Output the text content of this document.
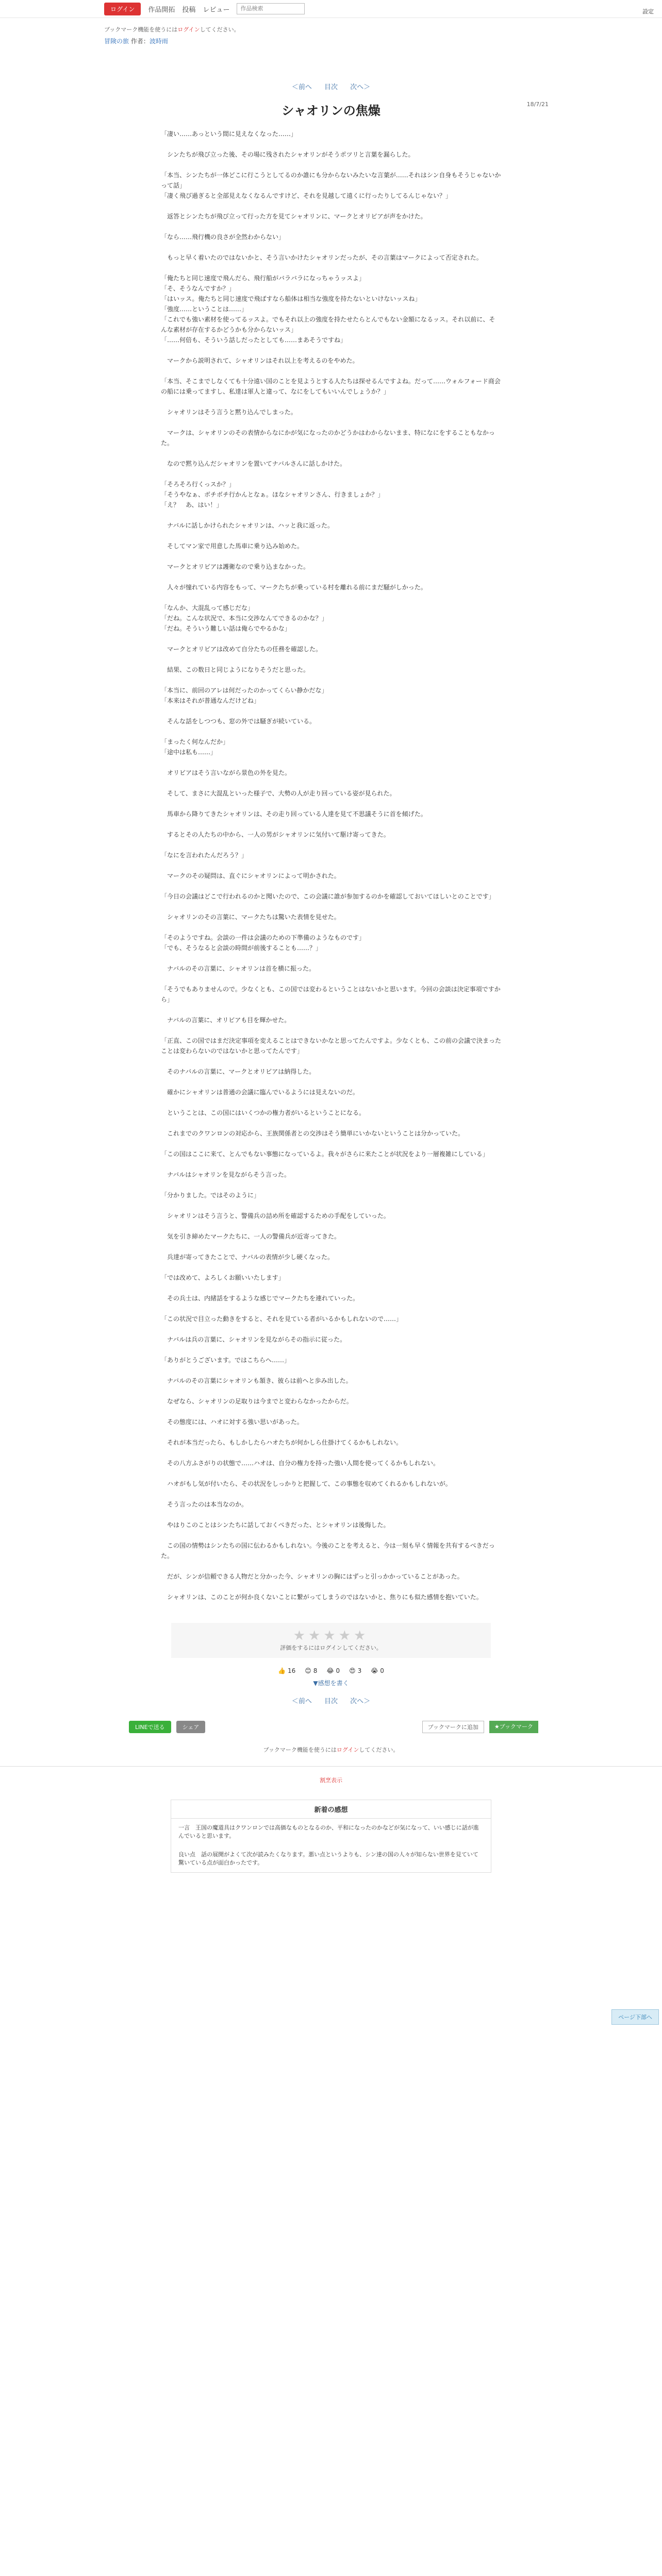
ログイン	作品開拓 投稿 レビュー
作品検索	設定
ブックマーク機能を使うにはログインしてください。
冒険の旅 作者：波時雨
＜前へ 目次 次へ＞
18/7/21
シャオリンの焦燥

「凄い……あっという間に見えなくなった……」

　シンたちが飛び立った後、その場に残されたシャオリンがそうポツリと言葉を漏らした。

「本当、シンたちが一体どこに行こうとしてるのか誰にも分からないみたいな言葉が……それはシン自身もそうじゃないかって話」
「凄く飛び過ぎると全部見えなくなるんですけど、それを見越して遠くに行ったりしてるんじゃない？」

　返答とシンたちが飛び立って行った方を見てシャオリンに、マークとオリビアが声をかけた。

「なら……飛行機の良さが全然わからない」

　もっと早く着いたのではないかと、そう言いかけたシャオリンだったが、その言葉はマークによって否定された。

「俺たちと同じ速度で飛んだら、飛行船がバラバラになっちゃうッスよ」
「そ、そうなんですか？」
「はいッス。俺たちと同じ速度で飛ばすなら船体は相当な強度を持たないといけないッスね」
「強度……ということは……」
「これでも強い素材を使ってるッスよ。でもそれ以上の強度を持たせたらとんでもない金額になるッス。それ以前に、そんな素材が存在するかどうかも分からないッス」
「……何倍も、そういう話しだったとしても……まあそうですね」

　マークから説明されて、シャオリンはそれ以上を考えるのをやめた。

「本当、そこまでしなくても十分遠い国のことを見ようとする人たちは探せるんですよね。だって……ウォルフォード商会の船には乗ってますし、私達は軍人と違って、なにをしてもいいんでしょうか？」

　シャオリンはそう言うと黙り込んでしまった。

　マークは、シャオリンのその表情からなにかが気になったのかどうかはわからないまま、特になにをすることもなかった。

　なので黙り込んだシャオリンを置いてナバルさんに話しかけた。

「そろそろ行くっスか？」
「そうやなぁ、ボチボチ行かんとなぁ。ほなシャオリンさん、行きましょか？」
「え？　あ、はい！」

　ナバルに話しかけられたシャオリンは、ハッと我に返った。

　そしてマン家で用意した馬車に乗り込み始めた。

　マークとオリビアは護衛なので乗り込まなかった。

　人々が憧れている内容をもって、マークたちが乗っている村を離れる前にまだ騒がしかった。

「なんか、大混乱って感じだな」
「だね。こんな状況で、本当に交渉なんてできるのかな？」
「だね。そういう難しい話は俺らでやるかな」

　マークとオリビアは改めて自分たちの任務を確認した。

　結果、この数日と同じようになりそうだと思った。

「本当に、前回のアレは何だったのかってくらい静かだな」
「本来はそれが普通なんだけどね」

　そんな話をしつつも、窓の外では騒ぎが続いている。

「まったく何なんだか」
「途中は私も……」

　オリビアはそう言いながら景色の外を見た。

　そして、まさに大混乱といった様子で、大勢の人が走り回っている姿が見られた。

　馬車から降りてきたシャオリンは、その走り回っている人達を見て不思議そうに首を傾げた。

　するとその人たちの中から、一人の男がシャオリンに気付いて駆け寄ってきた。

「なにを言われたんだろう？」

　マークのその疑問は、直ぐにシャオリンによって明かされた。

「今日の会議はどこで行われるのかと聞いたので、この会議に誰が参加するのかを確認しておいてほしいとのことです」

　シャオリンのその言葉に、マークたちは驚いた表情を見せた。

「そのようですね。会談の一件は会議のための下準備のようなものです」
「でも、そうなると会談の時間が前後することも……？」

　ナバルのその言葉に、シャオリンは首を横に振った。

「そうでもありませんので。少なくとも、この国では変わるということはないかと思います。今回の会談は決定事項ですから」

　ナバルの言葉に、オリビアも目を輝かせた。

「正直、この国ではまだ決定事項を変えることはできないかなと思ってたんですよ。少なくとも、この前の会議で決まったことは変わらないのではないかと思ってたんです」

　そのナバルの言葉に、マークとオリビアは納得した。

　確かにシャオリンは普通の会議に臨んでいるようには見えないのだ。

　ということは、この国にはいくつかの権力者がいるということになる。

　これまでのクワンロンの対応から、王族関係者との交渉はそう簡単にいかないということは分かっていた。

「この国はここに来て、とんでもない事態になっているよ。我々がさらに来たことが状況をより一層複雑にしている」

　ナバルはシャオリンを見ながらそう言った。

「分かりました。ではそのように」

　シャオリンはそう言うと、警備兵の詰め所を確認するための手配をしていった。

　気を引き締めたマークたちに、一人の警備兵が近寄ってきた。

　兵達が寄ってきたことで、ナバルの表情が少し硬くなった。

「では改めて、よろしくお願いいたします」

　その兵士は、内緒話をするような感じでマークたちを連れていった。

「この状況で目立った動きをすると、それを見ている者がいるかもしれないので……」

　ナバルは兵の言葉に、シャオリンを見ながらその指示に従った。

「ありがとうございます。ではこちらへ……」

　ナバルのその言葉にシャオリンも頷き、彼らは前へと歩み出した。

　なぜなら、シャオリンの足取りは今までと変わらなかったからだ。

　その態度には、ハオに対する強い思いがあった。

　それが本当だったら、もしかしたらハオたちが何かしら仕掛けてくるかもしれない。

　その八方ふさがりの状態で……ハオは、自分の権力を持った強い人間を使ってくるかもしれない。

　ハオがもし気が付いたら、その状況をしっかりと把握して、この事態を収めてくれるかもしれないが。

　そう言ったのは本当なのか。

　やはりこのことはシンたちに話しておくべきだった、とシャオリンは後悔した。

　この国の情勢はシンたちの国に伝わるかもしれない。今後のことを考えると、今は一刻も早く情報を共有するべきだった。

　だが、シンが信頼できる人物だと分かった今、シャオリンの胸にはずっと引っかかっていることがあった。

　シャオリンは、このことが何か良くないことに繋がってしまうのではないかと、焦りにも似た感情を抱いていた。

ページ下部へ
★★★★★
評価をするにはログインしてください。
👍 16 😊 8 😂 0 😍 3 😭 0
▼感想を書く
＜前へ 目次 次へ＞
LINEで送る	シェア	ブックマークに追加	★ブックマーク
ブックマーク機能を使うにはログインしてください。
割烹表示
新着の感想
一言　王国の魔道具はクワンロンでは高価なものとなるのか、平和になったのかなどが気になって、いい感じに話が進んでいると思います。
良い点　話の展開がよくて次が読みたくなります。悪い点というよりも、シン達の国の人々が知らない世界を見ていて驚いている点が面白かったです。
